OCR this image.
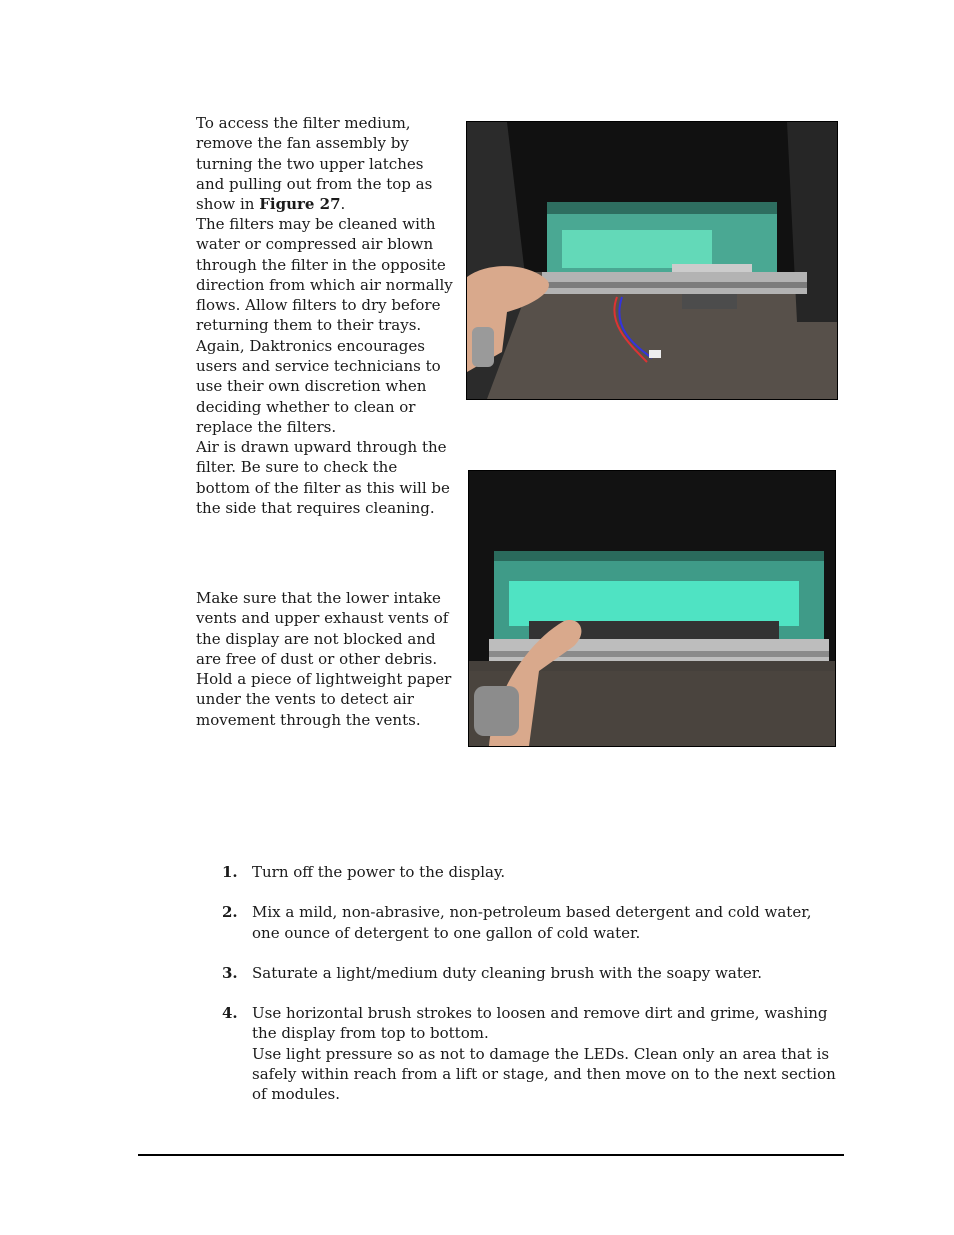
To access the filter medium, remove the fan assembly by turning the two upper latches and pulling out from the top as show in Figure 27.

The filters may be cleaned with water or compressed air blown through the filter in the opposite direction from which air normally flows. Allow filters to dry before returning them to their trays. Again, Daktronics encourages users and service technicians to use their own discretion when deciding whether to clean or replace the filters.

Air is drawn upward through the filter. Be sure to check the bottom of the filter as this will be the side that requires cleaning.

Make sure that the lower intake vents and upper exhaust vents of the display are not blocked and are free of dust or other debris. Hold a piece of lightweight paper under the vents to detect air movement through the vents.

1. Turn off the power to the display.
2. Mix a mild, non-abrasive, non-petroleum based detergent and cold water, one ounce of detergent to one gallon of cold water.
3. Saturate a light/medium duty cleaning brush with the soapy water.
4. Use horizontal brush strokes to loosen and remove dirt and grime, washing the display from top to bottom.
Use light pressure so as not to damage the LEDs. Clean only an area that is safely within reach from a lift or stage, and then move on to the next section of modules.
